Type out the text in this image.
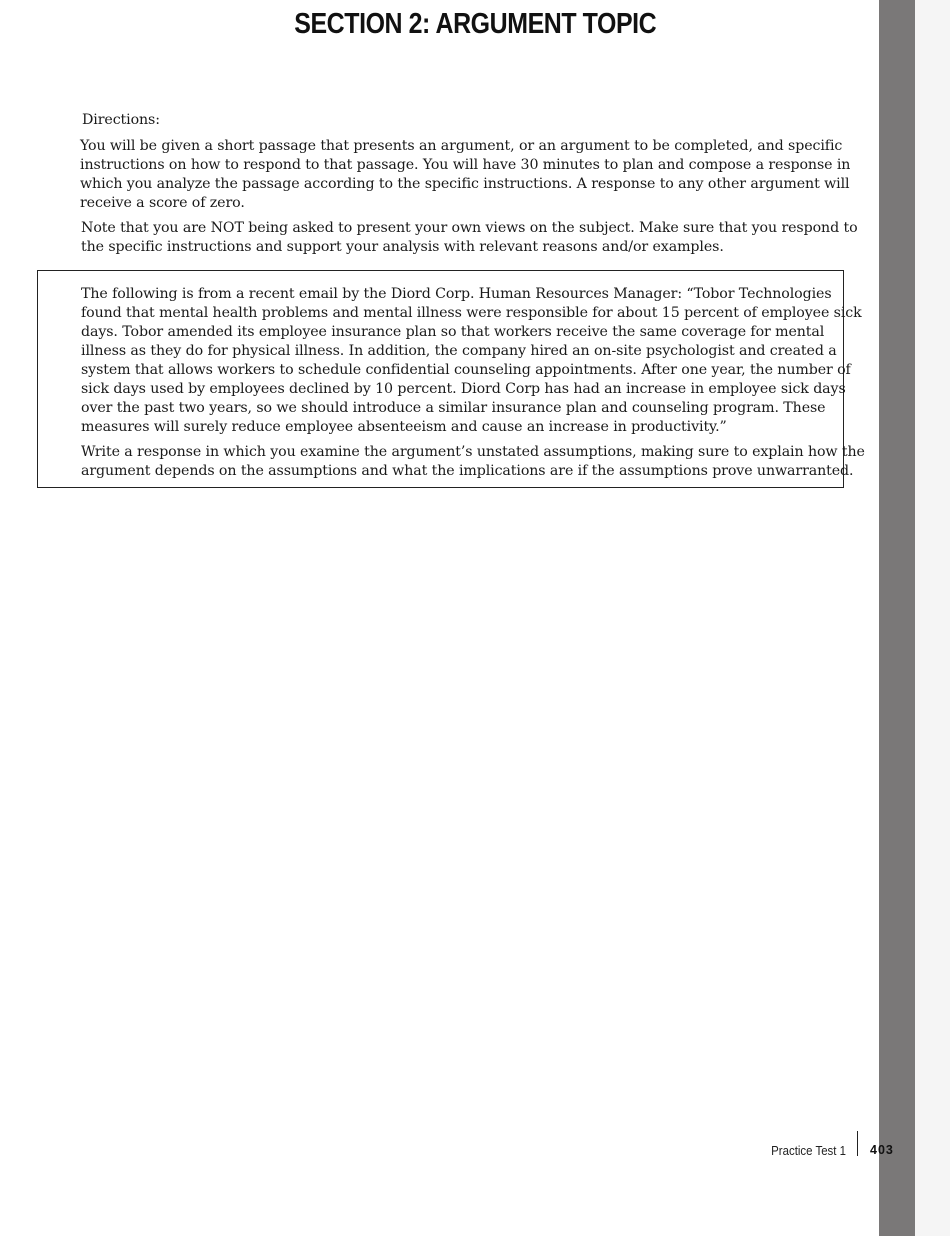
SECTION 2: ARGUMENT TOPIC

Directions:

You will be given a short passage that presents an argument, or an argument to be completed, and specific instructions on how to respond to that passage. You will have 30 minutes to plan and compose a response in which you analyze the passage according to the specific instructions. A response to any other argument will receive a score of zero.

Note that you are NOT being asked to present your own views on the subject. Make sure that you respond to the specific instructions and support your analysis with relevant reasons and/or examples.

The following is from a recent email by the Diord Corp. Human Resources Manager: “Tobor Technologies found that mental health problems and mental illness were responsible for about 15 percent of employee sick days. Tobor amended its employee insurance plan so that workers receive the same coverage for mental illness as they do for physical illness. In addition, the company hired an on-site psychologist and created a system that allows workers to schedule confidential counseling appointments. After one year, the number of sick days used by employees declined by 10 percent. Diord Corp has had an increase in employee sick days over the past two years, so we should introduce a similar insurance plan and counseling program. These measures will surely reduce employee absenteeism and cause an increase in productivity.”

Write a response in which you examine the argument’s unstated assumptions, making sure to explain how the argument depends on the assumptions and what the implications are if the assumptions prove unwarranted.

Practice Test 1 403
